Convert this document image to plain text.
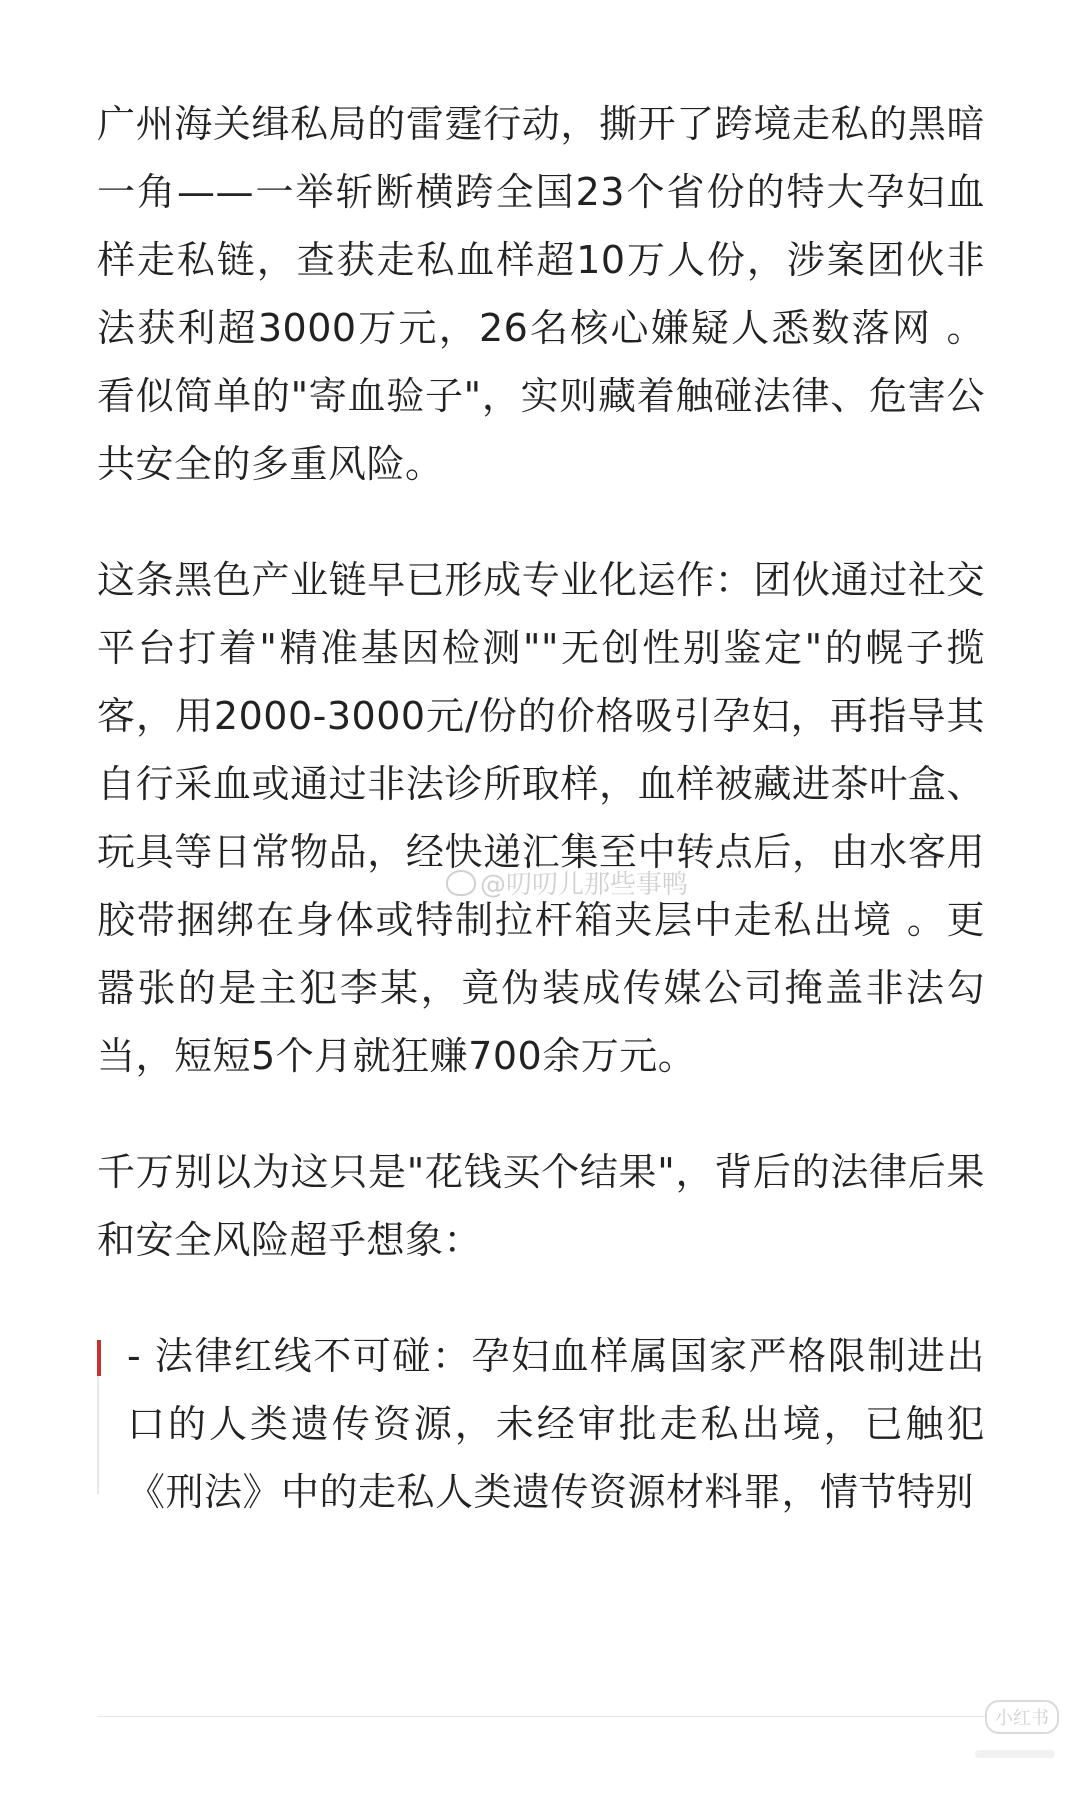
广州海关缉私局的雷霆行动，撕开了跨境走私的黑暗一角——一举斩断横跨全国23个省份的特大孕妇血样走私链，查获走私血样超10万人份，涉案团伙非法获利超3000万元，26名核心嫌疑人悉数落网 。看似简单的"寄血验子"，实则藏着触碰法律、危害公共安全的多重风险。

这条黑色产业链早已形成专业化运作：团伙通过社交平台打着"精准基因检测""无创性别鉴定"的幌子揽客，用2000-3000元/份的价格吸引孕妇，再指导其自行采血或通过非法诊所取样，血样被藏进茶叶盒、玩具等日常物品，经快递汇集至中转点后，由水客用胶带捆绑在身体或特制拉杆箱夹层中走私出境 。更嚣张的是主犯李某，竟伪装成传媒公司掩盖非法勾当，短短5个月就狂赚700余万元。

千万别以为这只是"花钱买个结果"，背后的法律后果和安全风险超乎想象：

- 法律红线不可碰：孕妇血样属国家严格限制进出口的人类遗传资源，未经审批走私出境，已触犯《刑法》中的走私人类遗传资源材料罪，情节特别
@叨叨儿那些事鸭
小红书
